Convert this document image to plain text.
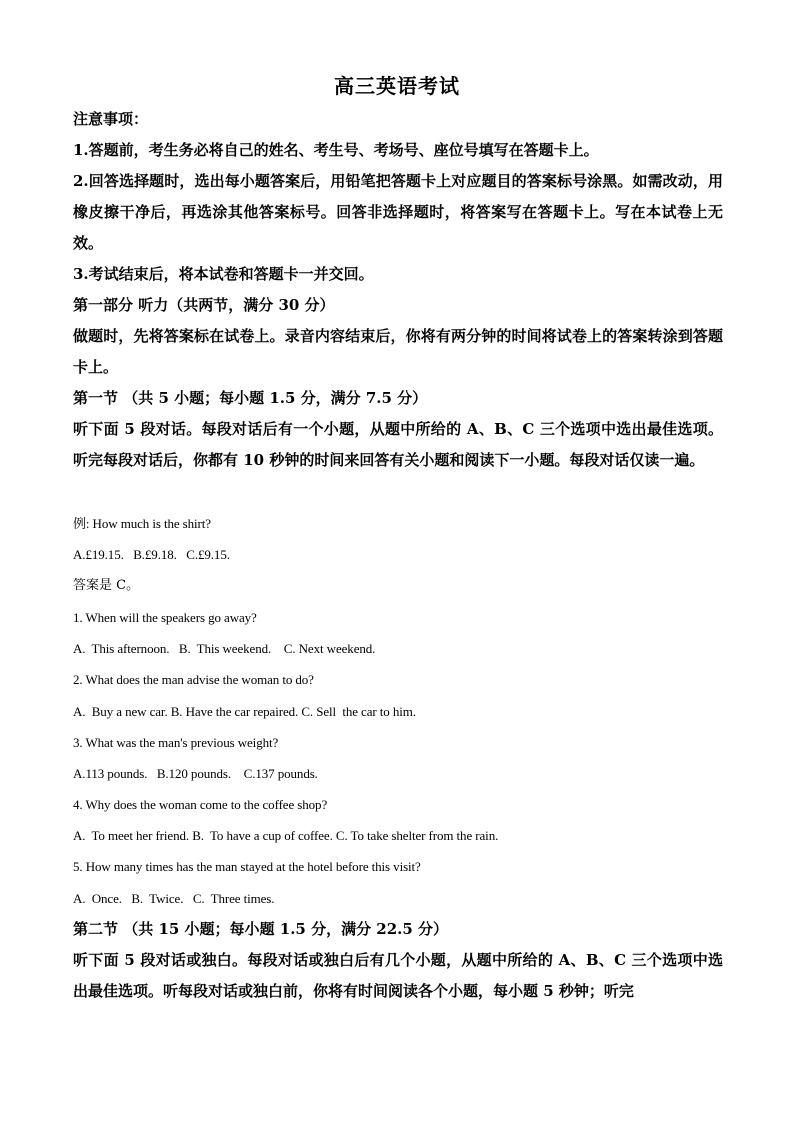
高三英语考试
注意事项：
1.答题前，考生务必将自己的姓名、考生号、考场号、座位号填写在答题卡上。
2.回答选择题时，选出每小题答案后，用铅笔把答题卡上对应题目的答案标号涂黑。如需改动，用橡皮擦干净后，再选涂其他答案标号。回答非选择题时，将答案写在答题卡上。写在本试卷上无效。
3.考试结束后，将本试卷和答题卡一并交回。
第一部分 听力（共两节，满分 30 分）
做题时，先将答案标在试卷上。录音内容结束后，你将有两分钟的时间将试卷上的答案转涂到答题卡上。
第一节 （共 5 小题；每小题 1.5 分，满分 7.5 分）
听下面 5 段对话。每段对话后有一个小题，从题中所给的 A、B、C 三个选项中选出最佳选项。听完每段对话后，你都有 10 秒钟的时间来回答有关小题和阅读下一小题。每段对话仅读一遍。
例: How much is the shirt?
A.£19.15.   B.£9.18.   C.£9.15.
答案是 C。
1. When will the speakers go away?
A.  This afternoon.   B.  This weekend.    C. Next weekend.
2. What does the man advise the woman to do?
A.  Buy a new car. B. Have the car repaired. C. Sell  the car to him.
3. What was the man's previous weight?
A.113 pounds.   B.120 pounds.    C.137 pounds.
4. Why does the woman come to the coffee shop?
A.  To meet her friend. B.  To have a cup of coffee. C. To take shelter from the rain.
5. How many times has the man stayed at the hotel before this visit?
A.  Once.   B.  Twice.   C.  Three times.
第二节 （共 15 小题；每小题 1.5 分，满分 22.5 分）
听下面 5 段对话或独白。每段对话或独白后有几个小题，从题中所给的 A、B、C 三个选项中选出最佳选项。听每段对话或独白前，你将有时间阅读各个小题，每小题 5 秒钟；听完
